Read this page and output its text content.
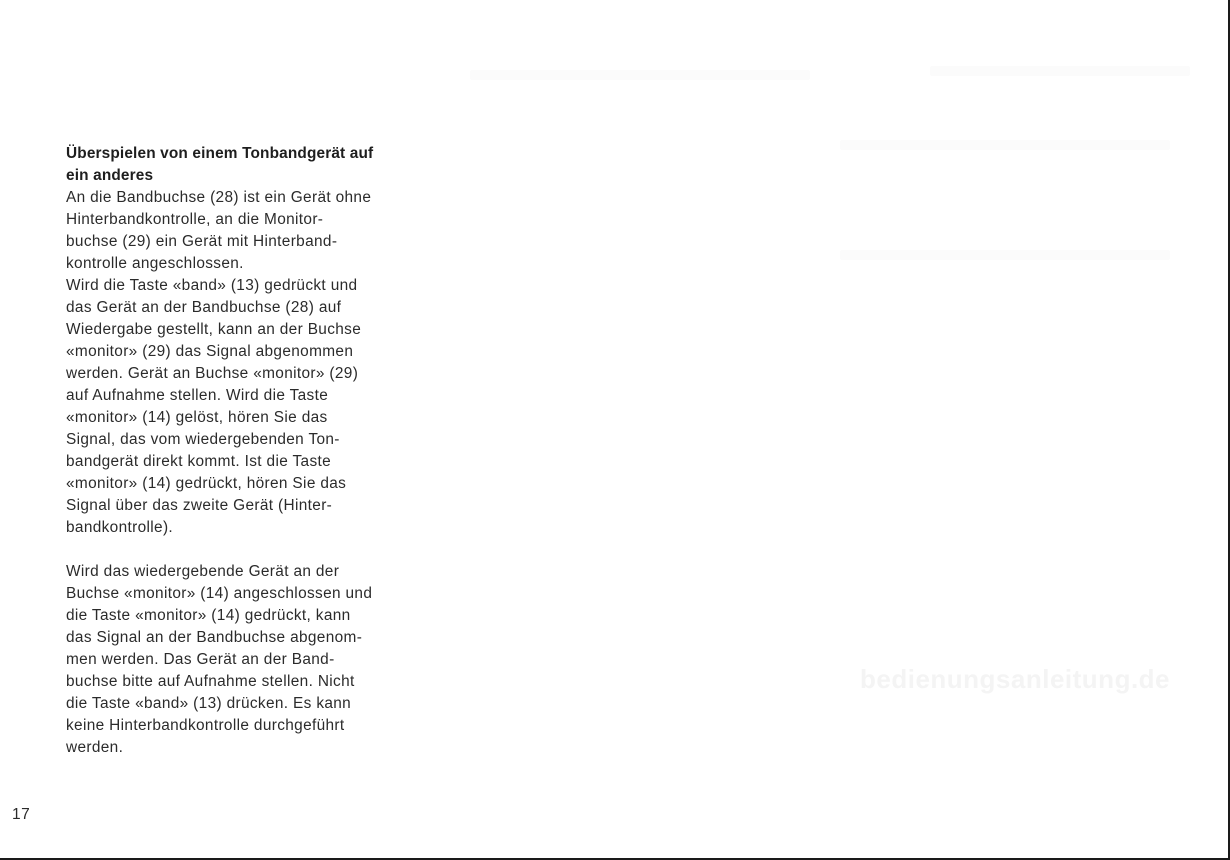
Überspielen von einem Tonbandgerät auf
ein anderes
An die Bandbuchse (28) ist ein Gerät ohne
Hinterbandkontrolle, an die Monitor-
buchse (29) ein Gerät mit Hinterband-
kontrolle angeschlossen.
Wird die Taste «band» (13) gedrückt und
das Gerät an der Bandbuchse (28) auf
Wiedergabe gestellt, kann an der Buchse
«monitor» (29) das Signal abgenommen
werden. Gerät an Buchse «monitor» (29)
auf Aufnahme stellen. Wird die Taste
«monitor» (14) gelöst, hören Sie das
Signal, das vom wiedergebenden Ton-
bandgerät direkt kommt. Ist die Taste
«monitor» (14) gedrückt, hören Sie das
Signal über das zweite Gerät (Hinter-
bandkontrolle).
Wird das wiedergebende Gerät an der
Buchse «monitor» (14) angeschlossen und
die Taste «monitor» (14) gedrückt, kann
das Signal an der Bandbuchse abgenom-
men werden. Das Gerät an der Band-
buchse bitte auf Aufnahme stellen. Nicht
die Taste «band» (13) drücken. Es kann
keine Hinterbandkontrolle durchgeführt
werden.
17
bedienungsanleitung.de
